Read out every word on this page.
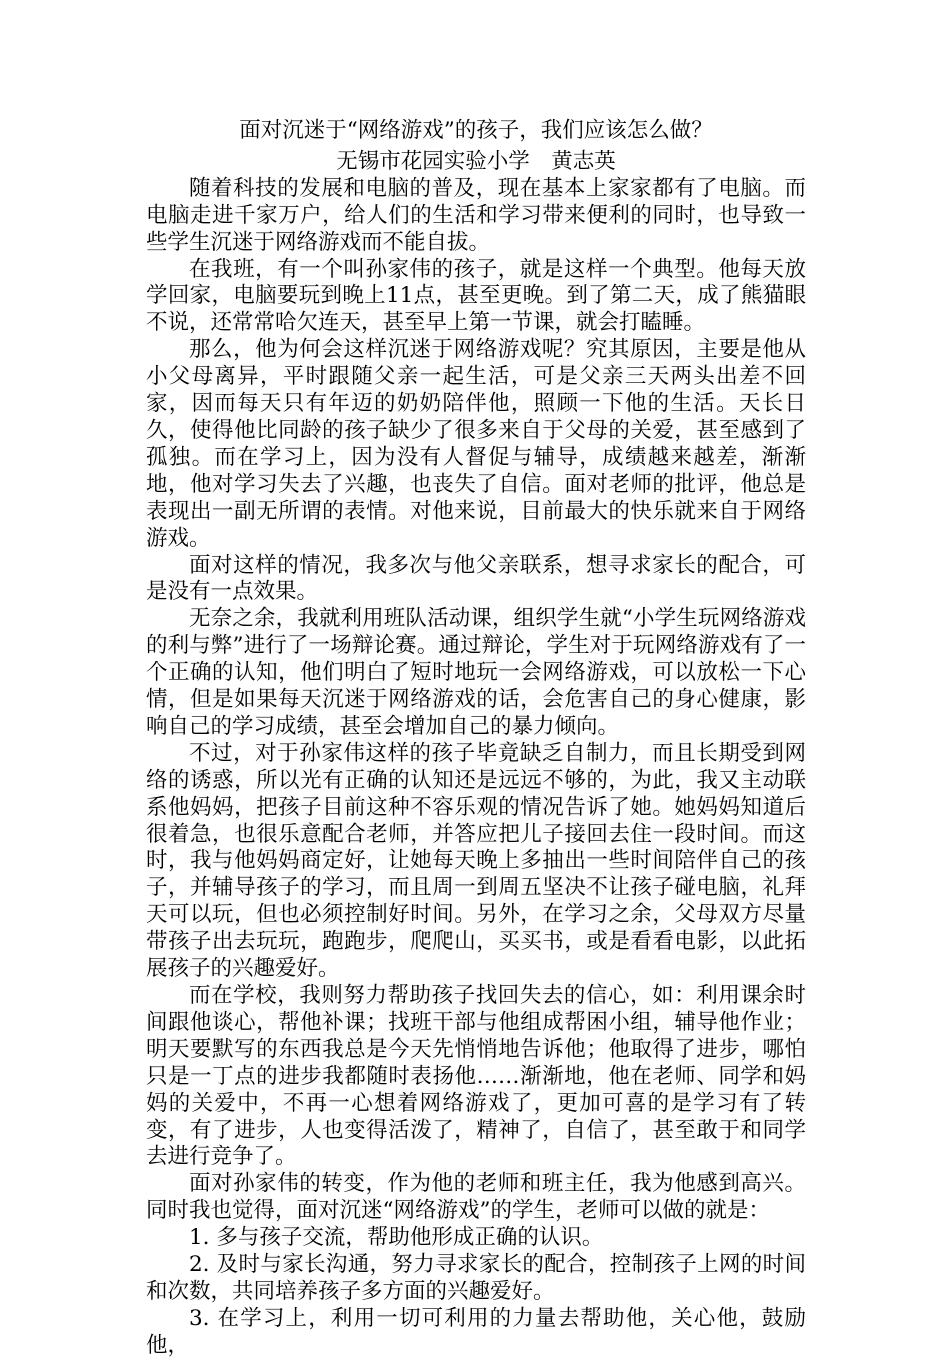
面对沉迷于“网络游戏”的孩子，我们应该怎么做？
无锡市花园实验小学　黄志英

随着科技的发展和电脑的普及，现在基本上家家都有了电脑。而电脑走进千家万户，给人们的生活和学习带来便利的同时，也导致一些学生沉迷于网络游戏而不能自拔。

在我班，有一个叫孙家伟的孩子，就是这样一个典型。他每天放学回家，电脑要玩到晚上11点，甚至更晚。到了第二天，成了熊猫眼不说，还常常哈欠连天，甚至早上第一节课，就会打瞌睡。

那么，他为何会这样沉迷于网络游戏呢？究其原因，主要是他从小父母离异，平时跟随父亲一起生活，可是父亲三天两头出差不回家，因而每天只有年迈的奶奶陪伴他，照顾一下他的生活。天长日久，使得他比同龄的孩子缺少了很多来自于父母的关爱，甚至感到了孤独。而在学习上，因为没有人督促与辅导，成绩越来越差，渐渐地，他对学习失去了兴趣，也丧失了自信。面对老师的批评，他总是表现出一副无所谓的表情。对他来说，目前最大的快乐就来自于网络游戏。

面对这样的情况，我多次与他父亲联系，想寻求家长的配合，可是没有一点效果。

无奈之余，我就利用班队活动课，组织学生就“小学生玩网络游戏的利与弊”进行了一场辩论赛。通过辩论，学生对于玩网络游戏有了一个正确的认知，他们明白了短时地玩一会网络游戏，可以放松一下心情，但是如果每天沉迷于网络游戏的话，会危害自己的身心健康，影响自己的学习成绩，甚至会增加自己的暴力倾向。

不过，对于孙家伟这样的孩子毕竟缺乏自制力，而且长期受到网络的诱惑，所以光有正确的认知还是远远不够的，为此，我又主动联系他妈妈，把孩子目前这种不容乐观的情况告诉了她。她妈妈知道后很着急，也很乐意配合老师，并答应把儿子接回去住一段时间。而这时，我与他妈妈商定好，让她每天晚上多抽出一些时间陪伴自己的孩子，并辅导孩子的学习，而且周一到周五坚决不让孩子碰电脑，礼拜天可以玩，但也必须控制好时间。另外，在学习之余，父母双方尽量带孩子出去玩玩，跑跑步，爬爬山，买买书，或是看看电影，以此拓展孩子的兴趣爱好。

而在学校，我则努力帮助孩子找回失去的信心，如：利用课余时间跟他谈心，帮他补课；找班干部与他组成帮困小组，辅导他作业；明天要默写的东西我总是今天先悄悄地告诉他；他取得了进步，哪怕只是一丁点的进步我都随时表扬他……渐渐地，他在老师、同学和妈妈的关爱中，不再一心想着网络游戏了，更加可喜的是学习有了转变，有了进步，人也变得活泼了，精神了，自信了，甚至敢于和同学去进行竞争了。

面对孙家伟的转变，作为他的老师和班主任，我为他感到高兴。同时我也觉得，面对沉迷“网络游戏”的学生，老师可以做的就是：

1. 多与孩子交流，帮助他形成正确的认识。

2. 及时与家长沟通，努力寻求家长的配合，控制孩子上网的时间和次数，共同培养孩子多方面的兴趣爱好。

3. 在学习上，利用一切可利用的力量去帮助他，关心他，鼓励他，
